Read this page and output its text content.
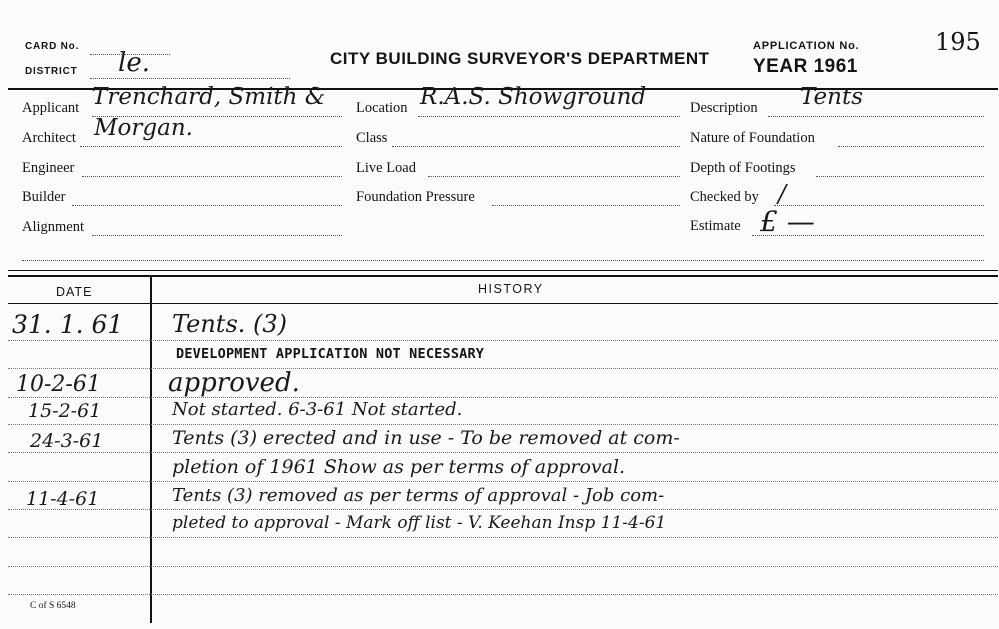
CARD No.
DISTRICT le.	CITY BUILDING SURVEYOR'S DEPARTMENT
APPLICATION No.	195
YEAR 1961
Applicant Trenchard, Smith &
Architect Morgan.
Engineer
Builder
Alignment
Location R.A.S. Showground
Class
Live Load
Foundation Pressure
Description Tents
Nature of Foundation
Depth of Footings
Checked by /
Estimate £ —
DATE	HISTORY
31. 1. 61 Tents. (3)
DEVELOPMENT APPLICATION NOT NECESSARY
10-2-61	approved.
15-2-61	Not started. 6-3-61 Not started.
24-3-61	Tents (3) erected and in use - To be removed at com-
pletion of 1961 Show as per terms of approval.
11-4-61	Tents (3) removed as per terms of approval - Job com-
pleted to approval - Mark off list - V. Keehan Insp 11-4-61
C of S 6548
